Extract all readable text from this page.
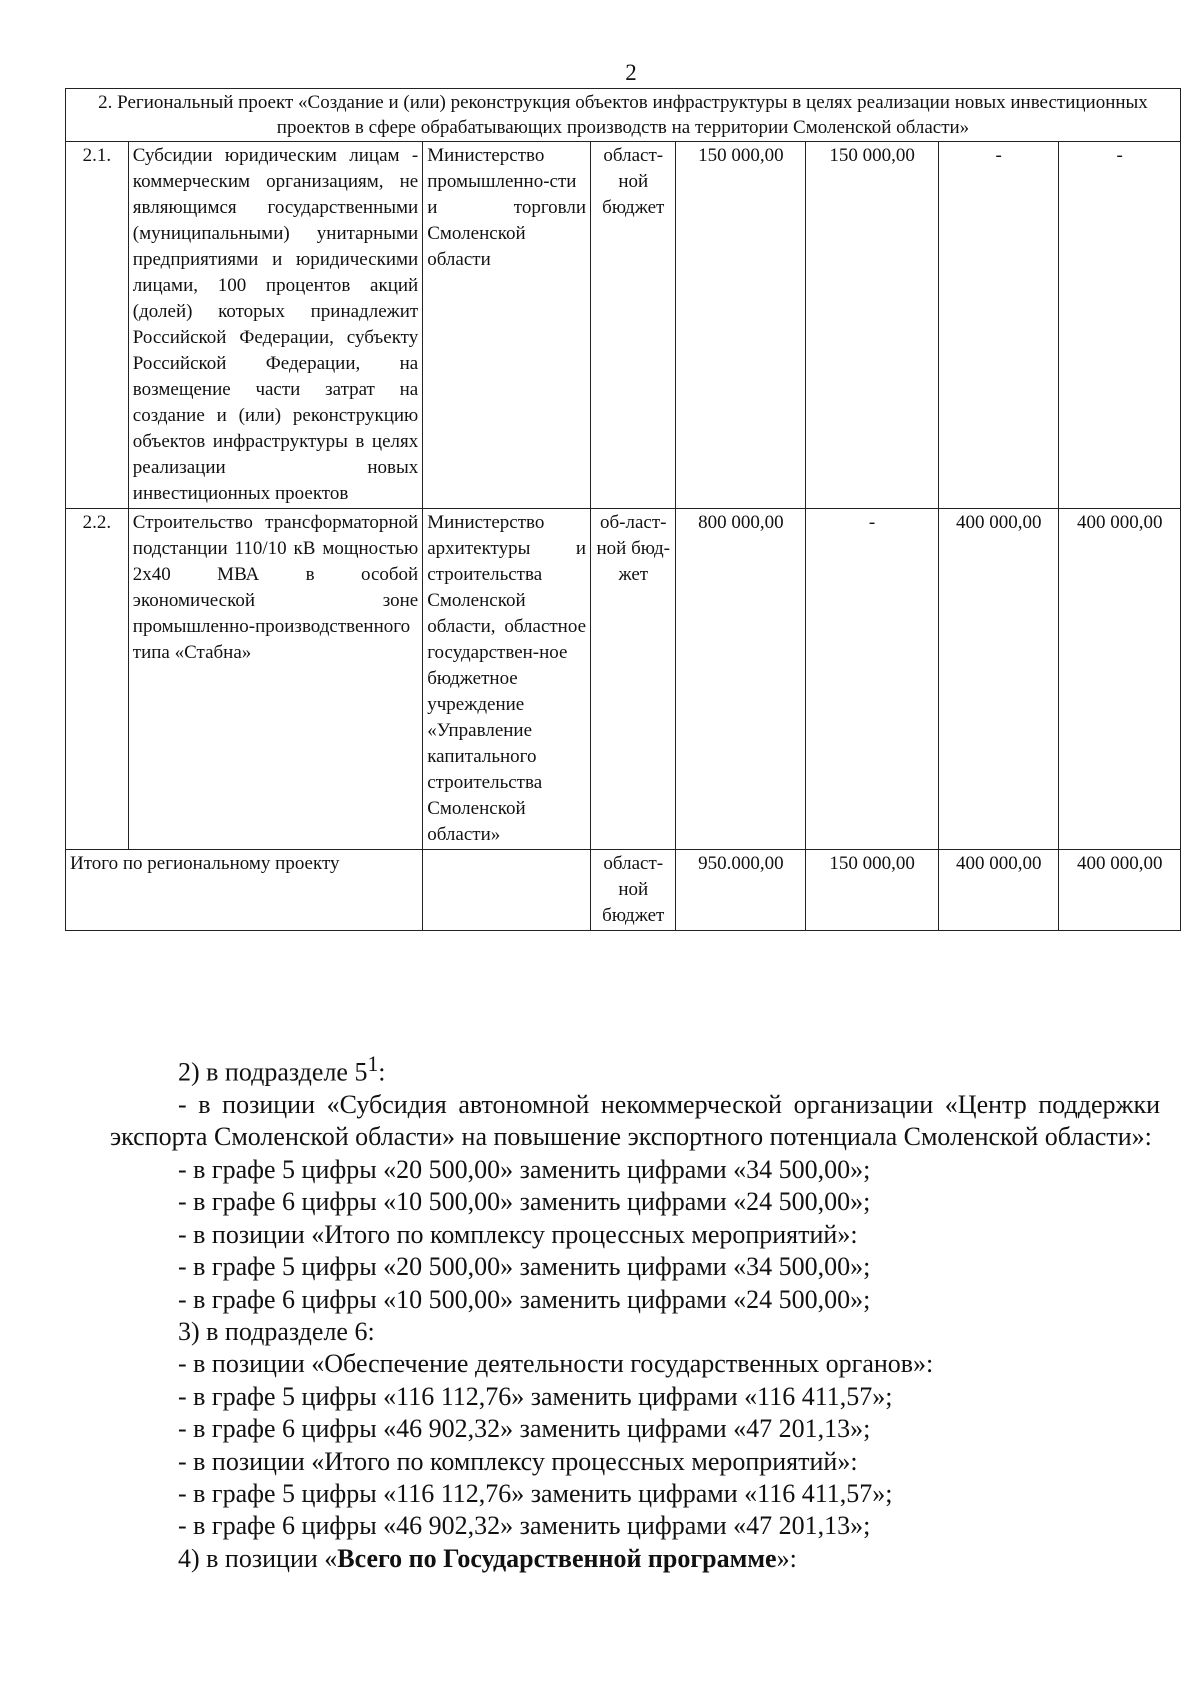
2
2. Региональный проект «Создание и (или) реконструкция объектов инфраструктуры в целях реализации новых инвестиционных проектов в сфере обрабатывающих производств на территории Смоленской области»							
2.1.	Субсидии юридическим лицам - коммерческим организациям, не являющимся государственными (муниципальными) унитарными предприятиями и юридическими лицами, 100 процентов акций (долей) которых принадлежит Российской Федерации, субъекту Российской Федерации, на возмещение части затрат на создание и (или) реконструкцию объектов инфраструктуры в целях реализации новых инвестиционных проектов	Министерство промышленно-сти и торговли Смоленской области	област-ной бюджет	150 000,00	150 000,00	-	-
2.2.	Строительство трансформаторной подстанции 110/10 кВ мощностью 2х40 МВА в особой экономической зоне промышленно-производственного типа «Стабна»	Министерство архитектуры и строительства Смоленской области, областное государствен-ное бюджетное учреждение «Управление капитального строительства Смоленской области»	об-ласт-ной бюд-жет	800 000,00	-	400 000,00	400 000,00
Итого по региональному проекту			област-ной бюджет	950.000,00	150 000,00	400 000,00	400 000,00

2) в подразделе $5^1$:

- в позиции «Субсидия автономной некоммерческой организации «Центр поддержки экспорта Смоленской области» на повышение экспортного потенциала Смоленской области»:

- в графе 5 цифры «20 500,00» заменить цифрами «34 500,00»;

- в графе 6 цифры «10 500,00» заменить цифрами «24 500,00»;

- в позиции «Итого по комплексу процессных мероприятий»:

- в графе 5 цифры «20 500,00» заменить цифрами «34 500,00»;

- в графе 6 цифры «10 500,00» заменить цифрами «24 500,00»;

3) в подразделе 6:

- в позиции «Обеспечение деятельности государственных органов»:

- в графе 5 цифры «116 112,76» заменить цифрами «116 411,57»;

- в графе 6 цифры «46 902,32» заменить цифрами «47 201,13»;

- в позиции «Итого по комплексу процессных мероприятий»:

- в графе 5 цифры «116 112,76» заменить цифрами «116 411,57»;

- в графе 6 цифры «46 902,32» заменить цифрами «47 201,13»;

4) в позиции «Всего по Государственной программе»:
